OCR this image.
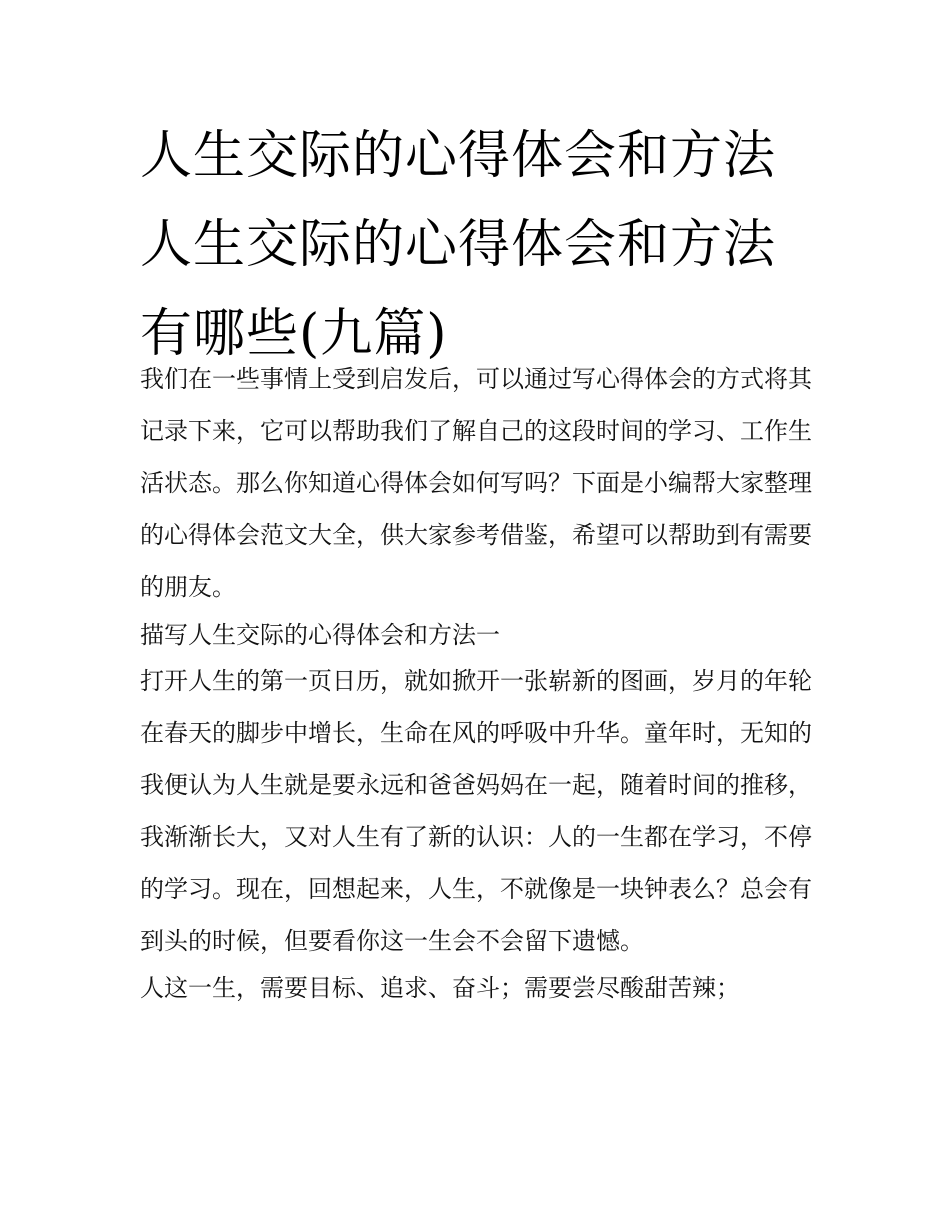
人生交际的心得体会和方法 人生交际的心得体会和方法有哪些(九篇)

我们在一些事情上受到启发后，可以通过写心得体会的方式将其记录下来，它可以帮助我们了解自己的这段时间的学习、工作生活状态。那么你知道心得体会如何写吗？下面是小编帮大家整理的心得体会范文大全，供大家参考借鉴，希望可以帮助到有需要的朋友。

描写人生交际的心得体会和方法一

打开人生的第一页日历，就如掀开一张崭新的图画，岁月的年轮在春天的脚步中增长，生命在风的呼吸中升华。童年时，无知的我便认为人生就是要永远和爸爸妈妈在一起，随着时间的推移，我渐渐长大，又对人生有了新的认识：人的一生都在学习，不停的学习。现在，回想起来，人生，不就像是一块钟表么？总会有到头的时候，但要看你这一生会不会留下遗憾。

人这一生，需要目标、追求、奋斗；需要尝尽酸甜苦辣；
